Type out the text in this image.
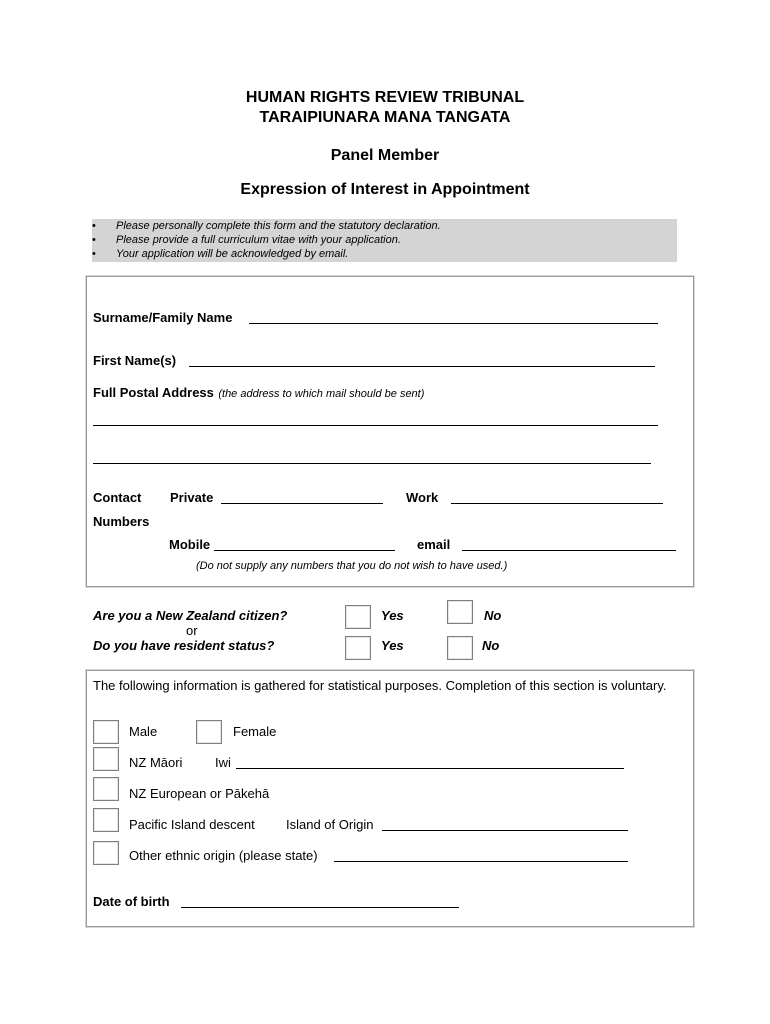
HUMAN RIGHTS REVIEW TRIBUNAL
TARAIPIUNARA MANA TANGATA
Panel Member
Expression of Interest in Appointment
• Please personally complete this form and the statutory declaration.
• Please provide a full curriculum vitae with your application.
• Your application will be acknowledged by email.
Surname/Family Name
First Name(s)
Full Postal Address (the address to which mail should be sent)
Contact
Numbers
Private	Work
Mobile	email
(Do not supply any numbers that you do not wish to have used.)
Are you a New Zealand citizen?
or
Do you have resident status?
Yes	No
Yes	No
The following information is gathered for statistical purposes. Completion of this section is voluntary.
Male	Female
NZ Māori	Iwi
NZ European or Pākehā
Pacific Island descent Island of Origin
Other ethnic origin (please state)
Date of birth
